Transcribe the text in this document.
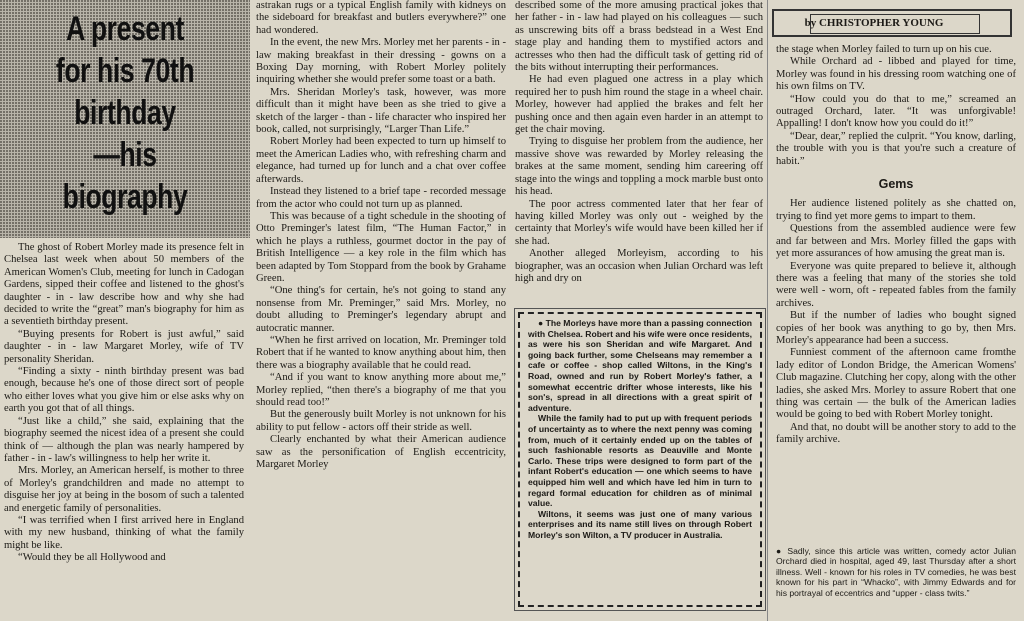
A present
for his 70th
birthday
—his
biography

The ghost of Robert Morley made its presence felt in Chelsea last week when about 50 members of the American Women's Club, meeting for lunch in Cadogan Gardens, sipped their coffee and listened to the ghost's daughter - in - law describe how and why she had decided to write the “great” man's biography for him as a seventieth birthday present.

“Buying presents for Robert is just awful,” said daughter - in - law Margaret Morley, wife of TV personality Sheridan.

“Finding a sixty - ninth birthday present was bad enough, because he's one of those direct sort of people who either loves what you give him or else asks why on earth you got that of all things.

“Just like a child,” she said, explaining that the biography seemed the nicest idea of a present she could think of — although the plan was nearly hampered by father - in - law's willingness to help her write it.

Mrs. Morley, an American herself, is mother to three of Morley's grandchildren and made no attempt to disguise her joy at being in the bosom of such a talented and energetic family of personalities.

“I was terrified when I first arrived here in England with my new husband, thinking of what the family might be like.

“Would they be all Hollywood and

astrakan rugs or a typical English family with kidneys on the sideboard for breakfast and butlers everywhere?” one had wondered.

In the event, the new Mrs. Morley met her parents - in - law making breakfast in their dressing - gowns on a Boxing Day morning, with Robert Morley politely inquiring whether she would prefer some toast or a bath.

Mrs. Sheridan Morley's task, however, was more difficult than it might have been as she tried to give a sketch of the larger - than - life character who inspired her book, called, not surprisingly, “Larger Than Life.”

Robert Morley had been expected to turn up himself to meet the American Ladies who, with refreshing charm and elegance, had turned up for lunch and a chat over coffee afterwards.

Instead they listened to a brief tape - recorded message from the actor who could not turn up as planned.

This was because of a tight schedule in the shooting of Otto Preminger's latest film, “The Human Factor,” in which he plays a ruthless, gourmet doctor in the pay of British Intelligence — a key role in the film which has been adapted by Tom Stoppard from the book by Grahame Green.

“One thing's for certain, he's not going to stand any nonsense from Mr. Preminger,” said Mrs. Morley, no doubt alluding to Preminger's legendary abrupt and autocratic manner.

“When he first arrived on location, Mr. Preminger told Robert that if he wanted to know anything about him, then there was a biography available that he could read.

“And if you want to know anything more about me,” Morley replied, “then there's a biography of me that you should read too!”

But the generously built Morley is not unknown for his ability to put fellow - actors off their stride as well.

Clearly enchanted by what their American audience saw as the personification of English eccentricity, Margaret Morley

described some of the more amusing practical jokes that her father - in - law had played on his colleagues — such as unscrewing bits off a brass bedstead in a West End stage play and handing them to mystified actors and actresses who then had the difficult task of getting rid of the bits without interrupting their performances.

He had even plagued one actress in a play which required her to push him round the stage in a wheel chair. Morley, however had applied the brakes and felt her pushing once and then again even harder in an attempt to get the chair moving.

Trying to disguise her problem from the audience, her massive shove was rewarded by Morley releasing the brakes at the same moment, sending him careering off stage into the wings and toppling a mock marble bust onto his head.

The poor actress commented later that her fear of having killed Morley was only out - weighed by the certainty that Morley's wife would have been killed her if she had.

Another alleged Morleyism, according to his biographer, was an occasion when Julian Orchard was left high and dry on

● The Morleys have more than a passing connection with Chelsea. Robert and his wife were once residents, as were his son Sheridan and wife Margaret. And going back further, some Chelseans may remember a cafe or coffee - shop called Wiltons, in the King's Road, owned and run by Robert Morley's father, a somewhat eccentric drifter whose interests, like his son's, spread in all directions with a great spirit of adventure.

While the family had to put up with frequent periods of uncertainty as to where the next penny was coming from, much of it certainly ended up on the tables of such fashionable resorts as Deauville and Monte Carlo. These trips were designed to form part of the infant Robert's education — one which seems to have equipped him well and which have led him in turn to regard formal education for children as of minimal value.

Wiltons, it seems was just one of many various enterprises and its name still lives on through Robert Morley's son Wilton, a TV producer in Australia.

by CHRISTOPHER YOUNG

the stage when Morley failed to turn up on his cue.

While Orchard ad - libbed and played for time, Morley was found in his dressing room watching one of his own films on TV.

“How could you do that to me,” screamed an outraged Orchard, later. “It was unforgivable! Appalling! I don't know how you could do it!”

“Dear, dear,” replied the culprit. “You know, darling, the trouble with you is that you're such a creature of habit.”

Gems

Her audience listened politely as she chatted on, trying to find yet more gems to impart to them.

Questions from the assembled audience were few and far between and Mrs. Morley filled the gaps with yet more assurances of how amusing the great man is.

Everyone was quite prepared to believe it, although there was a feeling that many of the stories she told were well - worn, oft - repeated fables from the family archives.

But if the number of ladies who bought signed copies of her book was anything to go by, then Mrs. Morley's appearance had been a success.

Funniest comment of the afternoon came fromthe lady editor of London Bridge, the American Womens' Club magazine. Clutching her copy, along with the other ladies, she asked Mrs. Morley to assure Robert that one thing was certain — the bulk of the American ladies would be going to bed with Robert Morley tonight.

And that, no doubt will be another story to add to the family archive.

● Sadly, since this article was written, comedy actor Julian Orchard died in hospital, aged 49, last Thursday after a short illness. Well - known for his roles in TV comedies, he was best known for his part in “Whacko”, with Jimmy Edwards and for his portrayal of eccentrics and “upper - class twits.”
